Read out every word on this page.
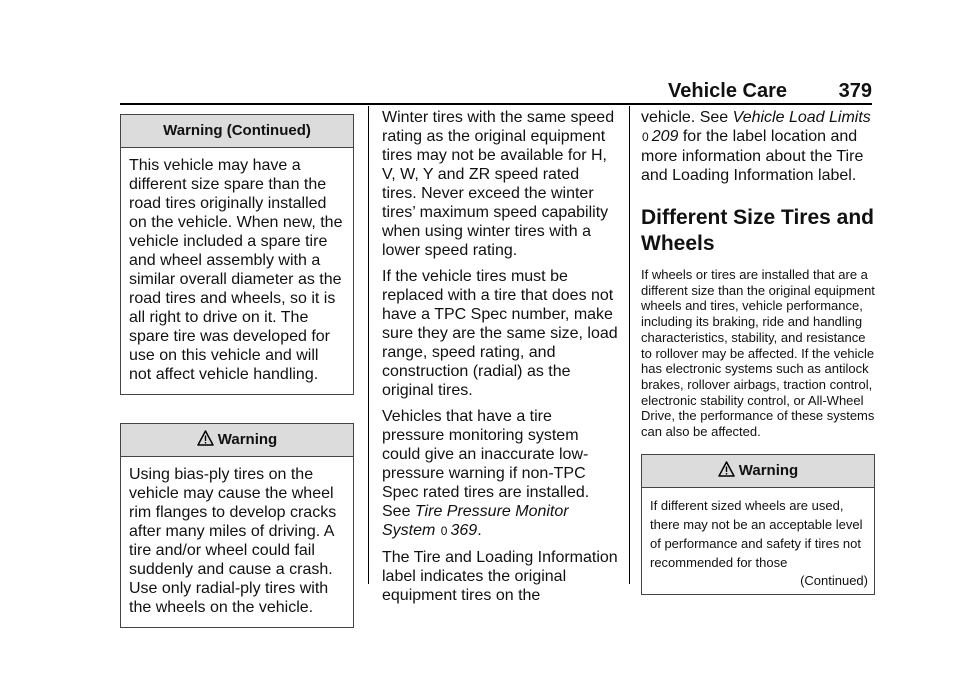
Vehicle Care	379
Warning (Continued)
This vehicle may have a different size spare than the road tires originally installed on the vehicle. When new, the vehicle included a spare tire and wheel assembly with a similar overall diameter as the road tires and wheels, so it is all right to drive on it. The spare tire was developed for use on this vehicle and will not affect vehicle handling.
Warning
Using bias-ply tires on the vehicle may cause the wheel rim flanges to develop cracks after many miles of driving. A tire and/or wheel could fail suddenly and cause a crash. Use only radial-ply tires with the wheels on the vehicle.

Winter tires with the same speed rating as the original equipment tires may not be available for H, V, W, Y and ZR speed rated tires. Never exceed the winter tires’ maximum speed capability when using winter tires with a lower speed rating.

If the vehicle tires must be replaced with a tire that does not have a TPC Spec number, make sure they are the same size, load range, speed rating, and construction (radial) as the original tires.

Vehicles that have a tire pressure monitoring system could give an inaccurate low-pressure warning if non-TPC Spec rated tires are installed. See Tire Pressure Monitor System 0 369.

The Tire and Loading Information label indicates the original equipment tires on the

vehicle. See Vehicle Load Limits
0 209 for the label location and more information about the Tire and Loading Information label.

Different Size Tires and Wheels

If wheels or tires are installed that are a different size than the original equipment wheels and tires, vehicle performance, including its braking, ride and handling characteristics, stability, and resistance to rollover may be affected. If the vehicle has electronic systems such as antilock brakes, rollover airbags, traction control, electronic stability control, or All-Wheel Drive, the performance of these systems can also be affected.

Warning
If different sized wheels are used, there may not be an acceptable level of performance and safety if tires not recommended for those
(Continued)
